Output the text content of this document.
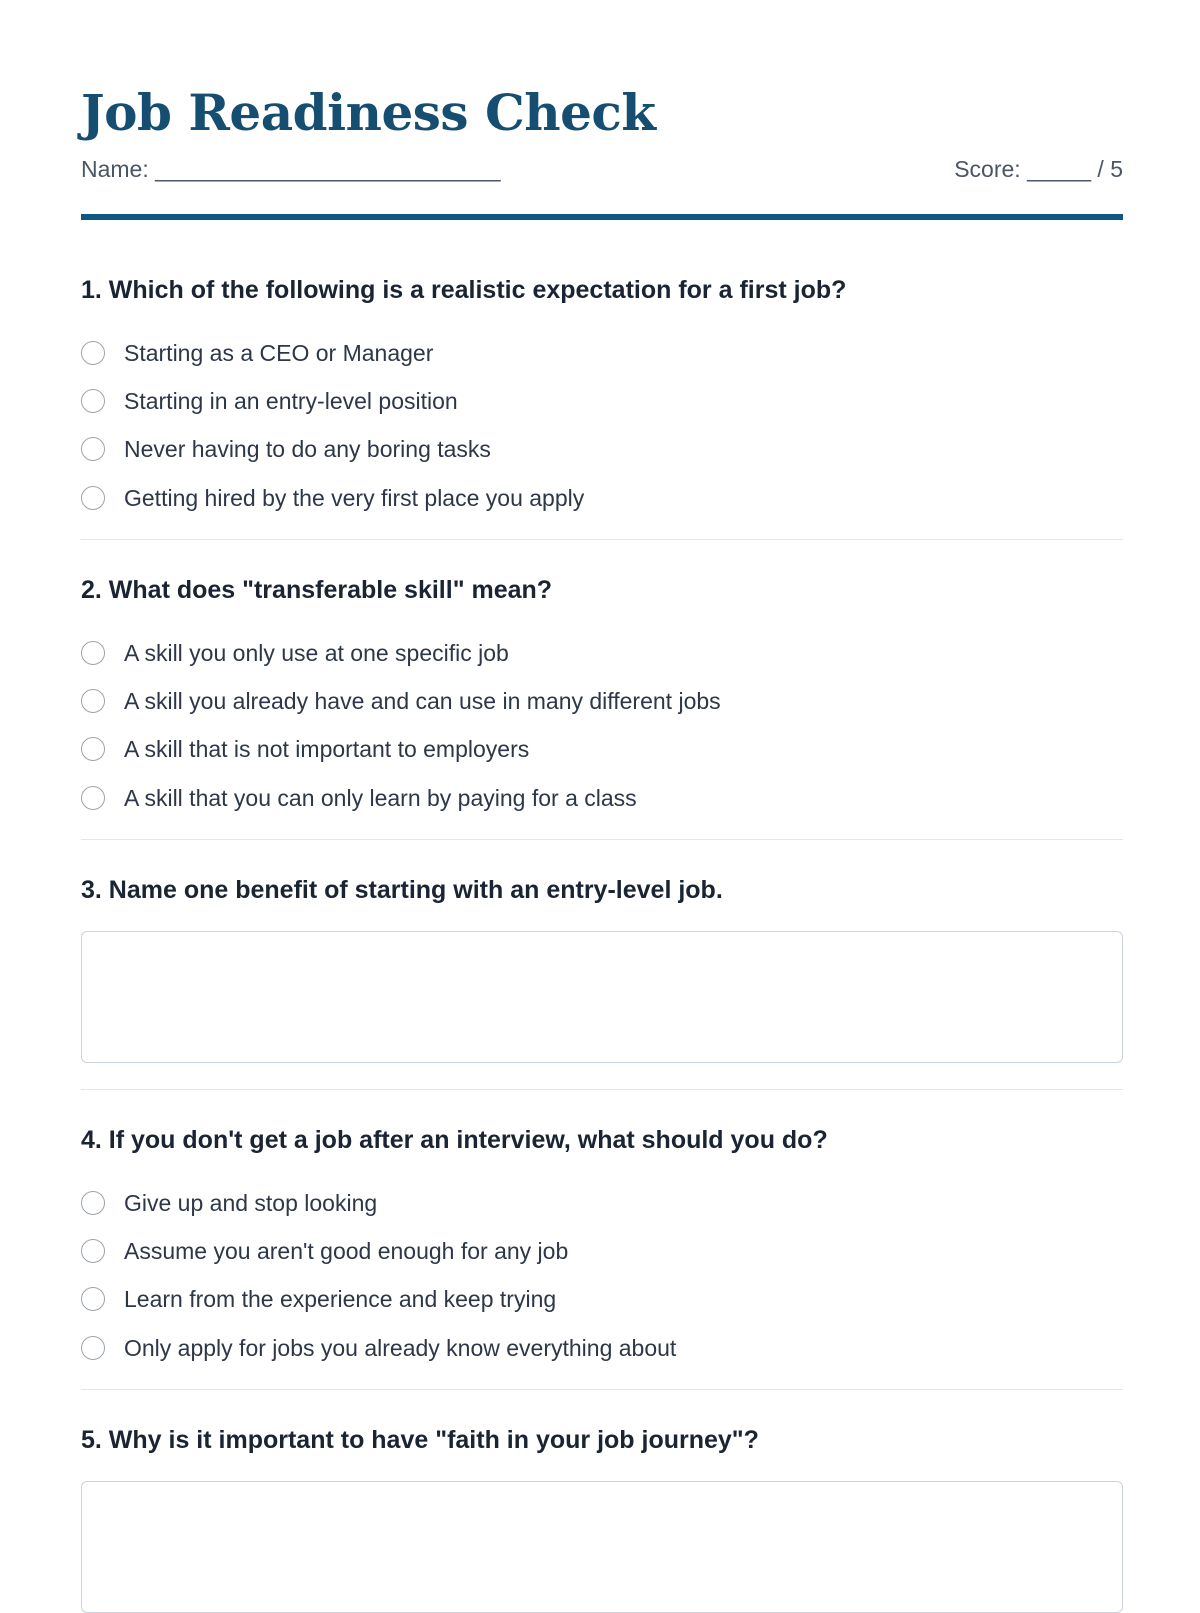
Job Readiness Check
Name: ___________________________	Score: _____ / 5
1. Which of the following is a realistic expectation for a first job?
Starting as a CEO or Manager
Starting in an entry-level position
Never having to do any boring tasks
Getting hired by the very first place you apply
2. What does "transferable skill" mean?
A skill you only use at one specific job
A skill you already have and can use in many different jobs
A skill that is not important to employers
A skill that you can only learn by paying for a class
3. Name one benefit of starting with an entry-level job.
4. If you don't get a job after an interview, what should you do?
Give up and stop looking
Assume you aren't good enough for any job
Learn from the experience and keep trying
Only apply for jobs you already know everything about
5. Why is it important to have "faith in your job journey"?
